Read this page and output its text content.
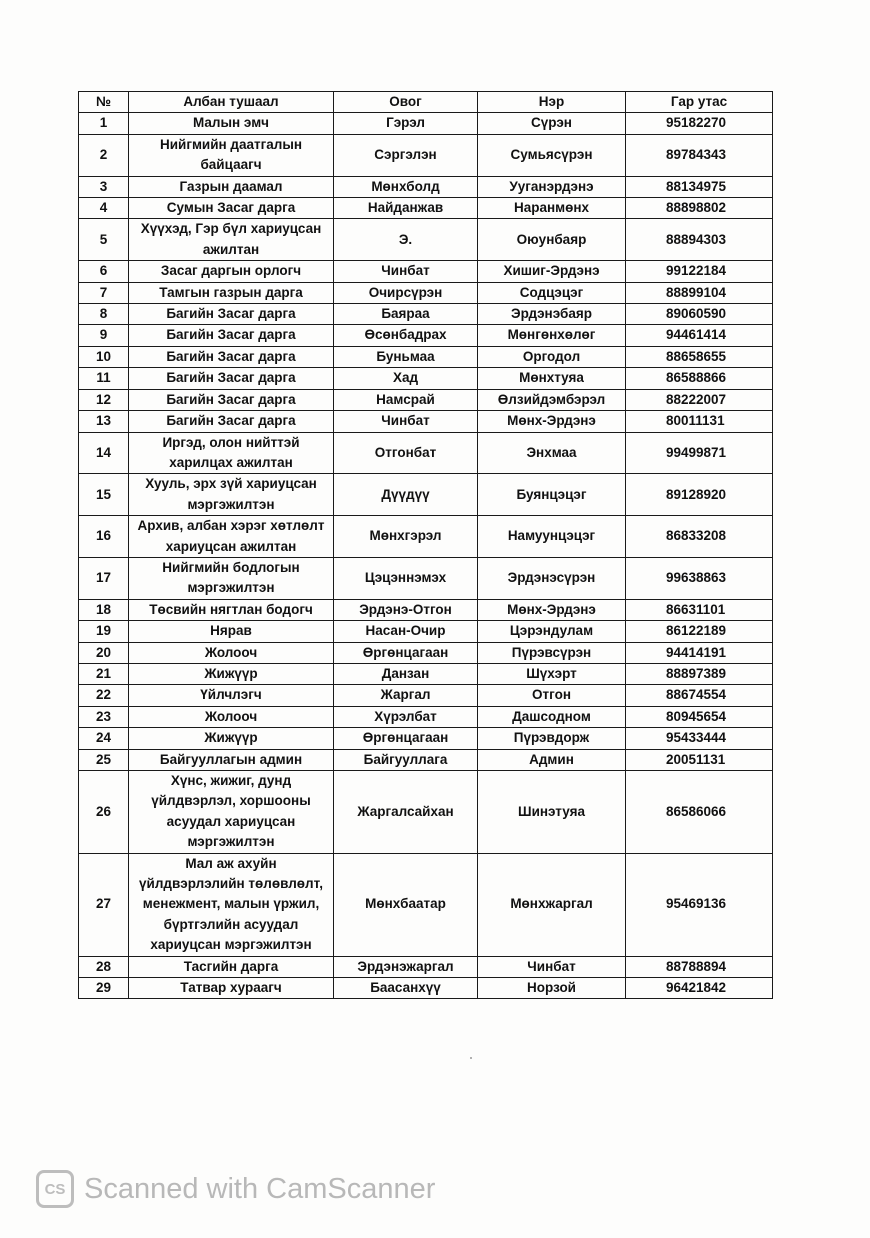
№	Албан тушаал	Овог	Нэр	Гар утас
1	Малын эмч	Гэрэл	Сүрэн	95182270
2	Нийгмийн даатгалын
байцаагч	Сэргэлэн	Сумьясүрэн	89784343
3	Газрын даамал	Мөнхболд	Ууганэрдэнэ	88134975
4	Сумын Засаг дарга	Найданжав	Наранмөнх	88898802
5	Хүүхэд, Гэр бүл хариуцсан
ажилтан	Э.	Оюунбаяр	88894303
6	Засаг даргын орлогч	Чинбат	Хишиг-Эрдэнэ	99122184
7	Тамгын газрын дарга	Очирсүрэн	Содцэцэг	88899104
8	Багийн Засаг дарга	Баяраа	Эрдэнэбаяр	89060590
9	Багийн Засаг дарга	Өсөнбадрах	Мөнгөнхөлөг	94461414
10	Багийн Засаг дарга	Буньмаа	Оргодол	88658655
11	Багийн Засаг дарга	Хад	Мөнхтуяа	86588866
12	Багийн Засаг дарга	Намсрай	Өлзийдэмбэрэл	88222007
13	Багийн Засаг дарга	Чинбат	Мөнх-Эрдэнэ	80011131
14	Иргэд, олон нийттэй
харилцах ажилтан	Отгонбат	Энхмаа	99499871
15	Хууль, эрх зүй хариуцсан
мэргэжилтэн	Дүүдүү	Буянцэцэг	89128920
16	Архив, албан хэрэг хөтлөлт
хариуцсан ажилтан	Мөнхгэрэл	Намуунцэцэг	86833208
17	Нийгмийн бодлогын
мэргэжилтэн	Цэцэннэмэх	Эрдэнэсүрэн	99638863
18	Төсвийн нягтлан бодогч	Эрдэнэ-Отгон	Мөнх-Эрдэнэ	86631101
19	Нярав	Насан-Очир	Цэрэндулам	86122189
20	Жолооч	Өргөнцагаан	Пүрэвсүрэн	94414191
21	Жижүүр	Данзан	Шүхэрт	88897389
22	Үйлчлэгч	Жаргал	Отгон	88674554
23	Жолооч	Хүрэлбат	Дашсодном	80945654
24	Жижүүр	Өргөнцагаан	Пүрэвдорж	95433444
25	Байгууллагын админ	Байгууллага	Админ	20051131
26	Хүнс, жижиг, дунд
үйлдвэрлэл, хоршооны
асуудал хариуцсан
мэргэжилтэн	Жаргалсайхан	Шинэтуяа	86586066
27	Мал аж ахуйн
үйлдвэрлэлийн төлөвлөлт,
менежмент, малын үржил,
бүртгэлийн асуудал
хариуцсан мэргэжилтэн	Мөнхбаатар	Мөнхжаргал	95469136
28	Тасгийн дарга	Эрдэнэжаргал	Чинбат	88788894
29	Татвар хураагч	Баасанхүү	Норзой	96421842
CS Scanned with CamScanner
